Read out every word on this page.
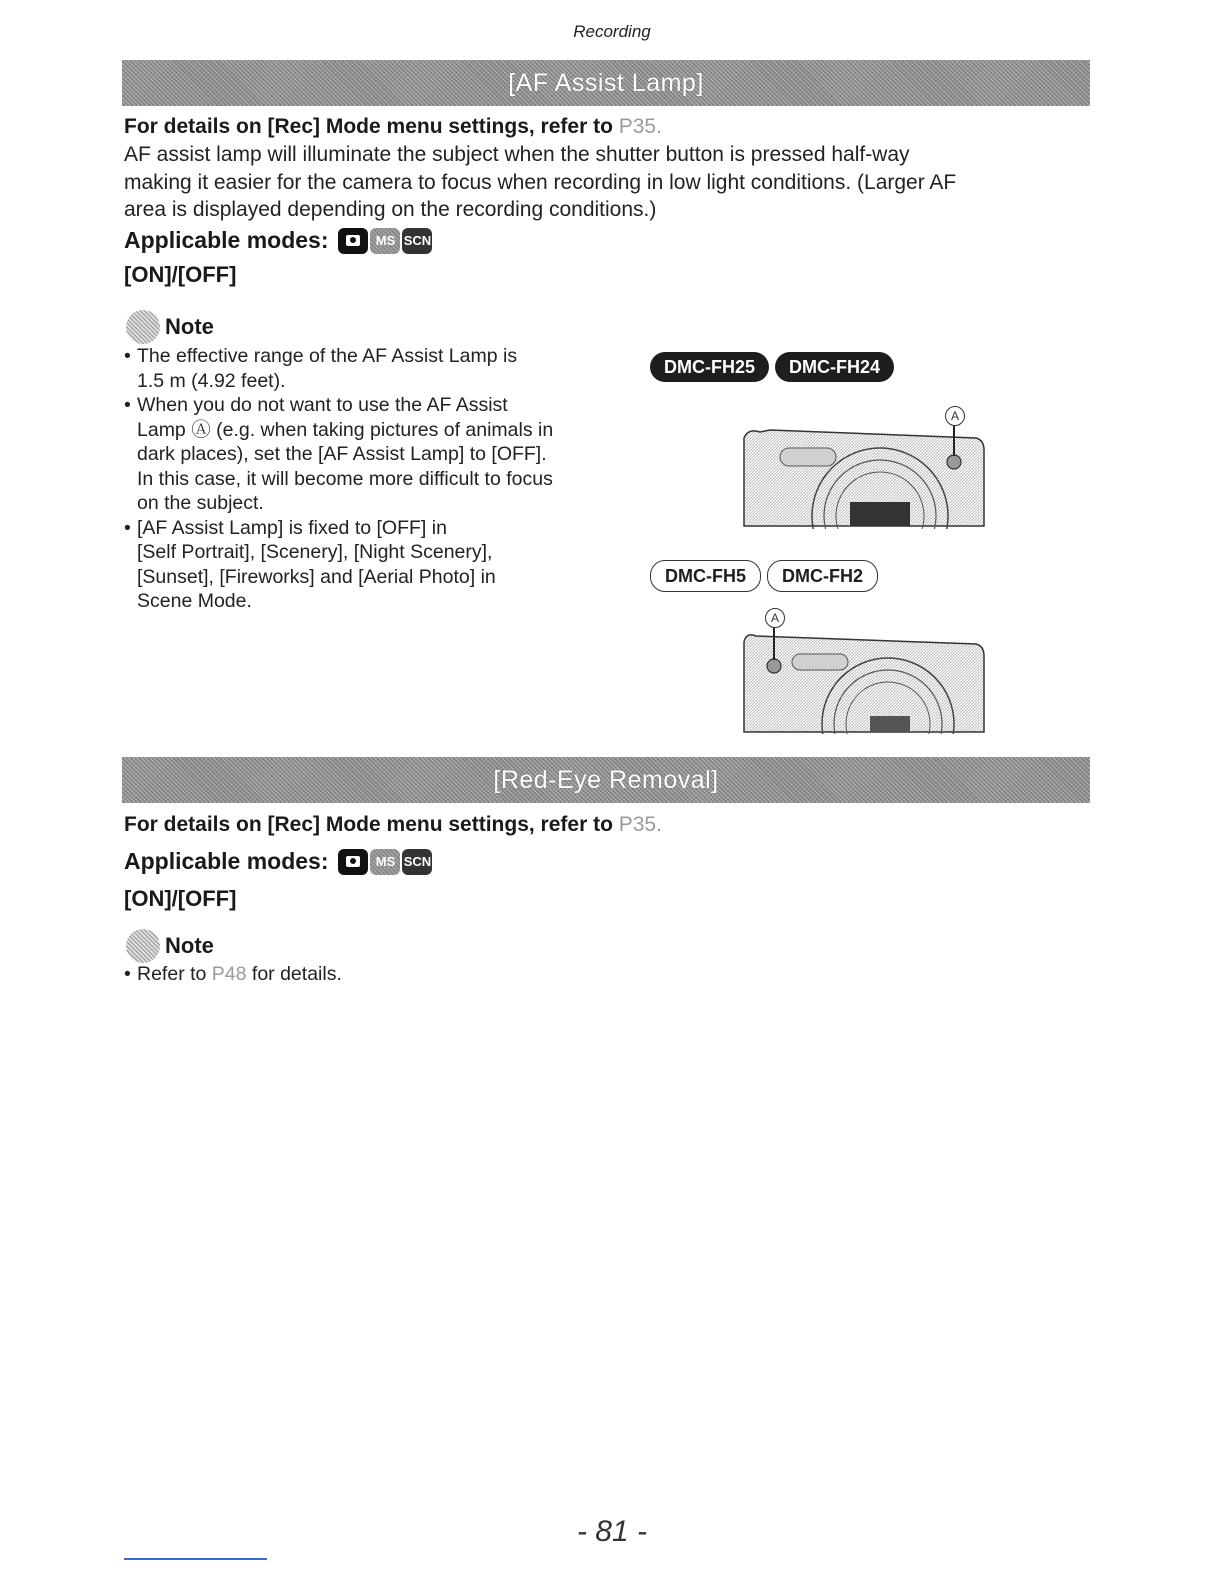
Recording
[AF Assist Lamp]
For details on [Rec] Mode menu settings, refer to P35.
AF assist lamp will illuminate the subject when the shutter button is pressed half-way
making it easier for the camera to focus when recording in low light conditions. (Larger AF
area is displayed depending on the recording conditions.)
Applicable modes:	MS SCN
[ON]/[OFF]
Note
• The effective range of the AF Assist Lamp is
1.5 m (4.92 feet).
• When you do not want to use the AF Assist
Lamp Ⓐ (e.g. when taking pictures of animals in
dark places), set the [AF Assist Lamp] to [OFF].
In this case, it will become more difficult to focus
on the subject.
• [AF Assist Lamp] is fixed to [OFF] in
[Self Portrait], [Scenery], [Night Scenery],
[Sunset], [Fireworks] and [Aerial Photo] in
Scene Mode.
DMC-FH25	DMC-FH24
A
DMC-FH5	DMC-FH2
A
[Red-Eye Removal]
For details on [Rec] Mode menu settings, refer to P35.
Applicable modes:	MS SCN
[ON]/[OFF]
Note
• Refer to P48 for details.
- 81 -
